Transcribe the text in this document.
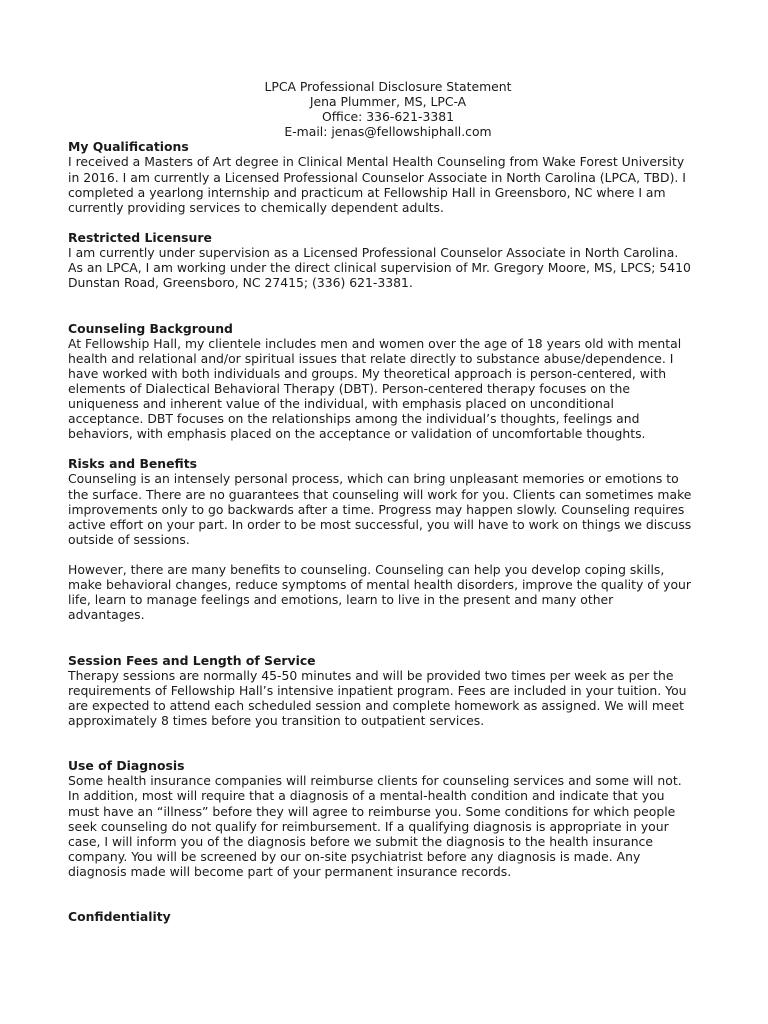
LPCA Professional Disclosure Statement
Jena Plummer, MS, LPC-A
Office: 336-621-3381
E-mail: jenas@fellowshiphall.com
My Qualifications
I received a Masters of Art degree in Clinical Mental Health Counseling from Wake Forest University
in 2016. I am currently a Licensed Professional Counselor Associate in North Carolina (LPCA, TBD). I
completed a yearlong internship and practicum at Fellowship Hall in Greensboro, NC where I am
currently providing services to chemically dependent adults.
Restricted Licensure
I am currently under supervision as a Licensed Professional Counselor Associate in North Carolina.
As an LPCA, I am working under the direct clinical supervision of Mr. Gregory Moore, MS, LPCS; 5410
Dunstan Road, Greensboro, NC 27415; (336) 621-3381.
Counseling Background
At Fellowship Hall, my clientele includes men and women over the age of 18 years old with mental
health and relational and/or spiritual issues that relate directly to substance abuse/dependence. I
have worked with both individuals and groups. My theoretical approach is person-centered, with
elements of Dialectical Behavioral Therapy (DBT). Person-centered therapy focuses on the
uniqueness and inherent value of the individual, with emphasis placed on unconditional
acceptance. DBT focuses on the relationships among the individual’s thoughts, feelings and
behaviors, with emphasis placed on the acceptance or validation of uncomfortable thoughts.
Risks and Benefits
Counseling is an intensely personal process, which can bring unpleasant memories or emotions to
the surface. There are no guarantees that counseling will work for you. Clients can sometimes make
improvements only to go backwards after a time. Progress may happen slowly. Counseling requires
active effort on your part. In order to be most successful, you will have to work on things we discuss
outside of sessions.
However, there are many benefits to counseling. Counseling can help you develop coping skills,
make behavioral changes, reduce symptoms of mental health disorders, improve the quality of your
life, learn to manage feelings and emotions, learn to live in the present and many other
advantages.
Session Fees and Length of Service
Therapy sessions are normally 45-50 minutes and will be provided two times per week as per the
requirements of Fellowship Hall’s intensive inpatient program. Fees are included in your tuition. You
are expected to attend each scheduled session and complete homework as assigned. We will meet
approximately 8 times before you transition to outpatient services.
Use of Diagnosis
Some health insurance companies will reimburse clients for counseling services and some will not.
In addition, most will require that a diagnosis of a mental-health condition and indicate that you
must have an “illness” before they will agree to reimburse you. Some conditions for which people
seek counseling do not qualify for reimbursement. If a qualifying diagnosis is appropriate in your
case, I will inform you of the diagnosis before we submit the diagnosis to the health insurance
company. You will be screened by our on-site psychiatrist before any diagnosis is made. Any
diagnosis made will become part of your permanent insurance records.
Confidentiality
